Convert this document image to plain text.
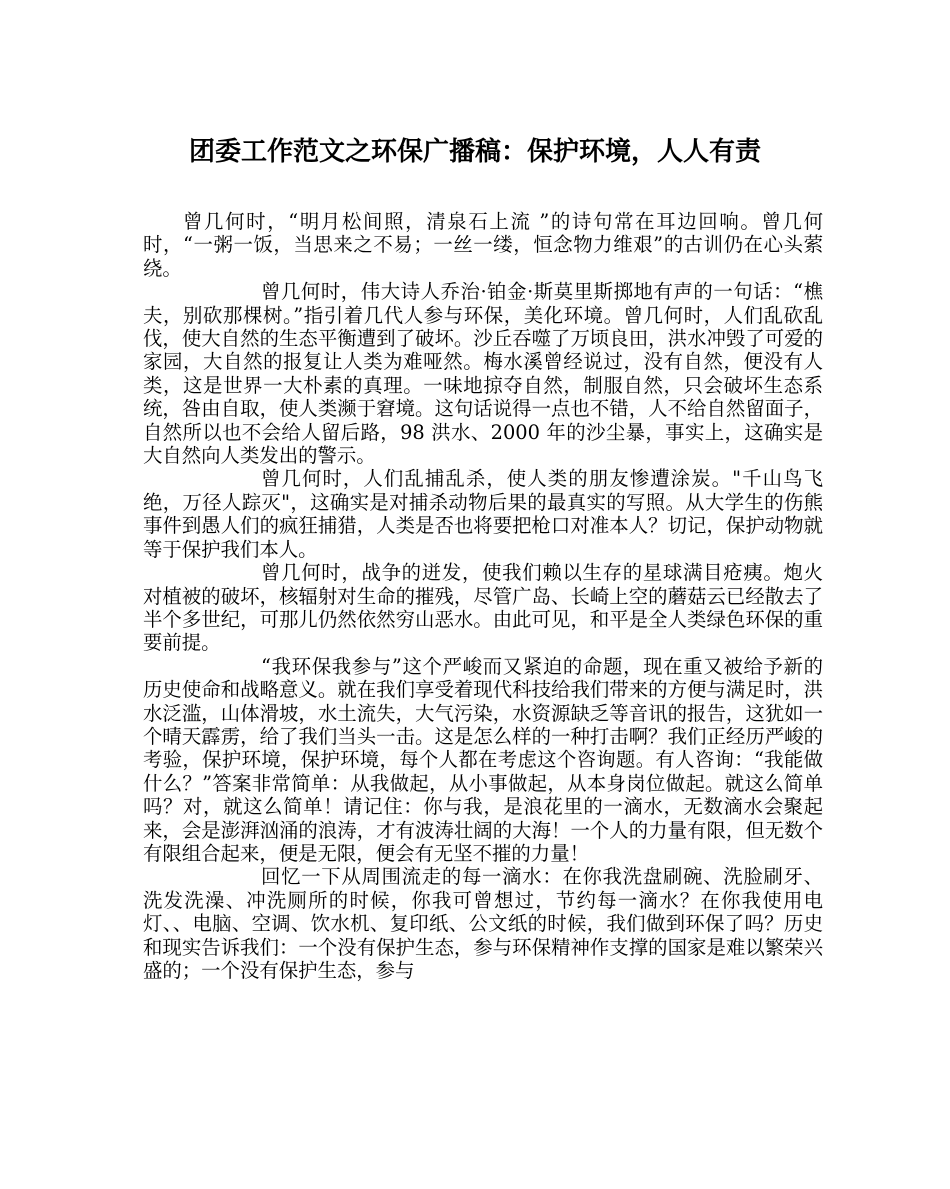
团委工作范文之环保广播稿：保护环境，人人有责

曾几何时，“明月松间照，清泉石上流 ”的诗句常在耳边回响。曾几何时，“一粥一饭，当思来之不易；一丝一缕，恒念物力维艰”的古训仍在心头萦绕。

曾几何时，伟大诗人乔治·铂金·斯莫里斯掷地有声的一句话：“樵夫，别砍那棵树。”指引着几代人参与环保，美化环境。曾几何时，人们乱砍乱伐，使大自然的生态平衡遭到了破坏。沙丘吞噬了万顷良田，洪水冲毁了可爱的家园，大自然的报复让人类为难哑然。梅水溪曾经说过，没有自然，便没有人类，这是世界一大朴素的真理。一味地掠夺自然，制服自然，只会破坏生态系统，咎由自取，使人类濒于窘境。这句话说得一点也不错，人不给自然留面子，自然所以也不会给人留后路，98 洪水、2000 年的沙尘暴，事实上，这确实是大自然向人类发出的警示。

曾几何时，人们乱捕乱杀，使人类的朋友惨遭涂炭。"千山鸟飞绝，万径人踪灭"，这确实是对捕杀动物后果的最真实的写照。从大学生的伤熊事件到愚人们的疯狂捕猎，人类是否也将要把枪口对准本人？切记，保护动物就等于保护我们本人。

曾几何时，战争的迸发，使我们赖以生存的星球满目疮痍。炮火对植被的破坏，核辐射对生命的摧残，尽管广岛、长崎上空的蘑菇云已经散去了半个多世纪，可那儿仍然依然穷山恶水。由此可见，和平是全人类绿色环保的重要前提。

“我环保我参与”这个严峻而又紧迫的命题，现在重又被给予新的历史使命和战略意义。就在我们享受着现代科技给我们带来的方便与满足时，洪水泛滥，山体滑坡，水土流失，大气污染，水资源缺乏等音讯的报告，这犹如一个晴天霹雳，给了我们当头一击。这是怎么样的一种打击啊？我们正经历严峻的考验，保护环境，保护环境，每个人都在考虑这个咨询题。有人咨询：“我能做什么？”答案非常简单：从我做起，从小事做起，从本身岗位做起。就这么简单吗？对，就这么简单！请记住：你与我，是浪花里的一滴水，无数滴水会聚起来，会是澎湃汹涌的浪涛，才有波涛壮阔的大海！一个人的力量有限，但无数个有限组合起来，便是无限，便会有无坚不摧的力量！

回忆一下从周围流走的每一滴水：在你我洗盘刷碗、洗脸刷牙、洗发洗澡、冲洗厕所的时候，你我可曾想过，节约每一滴水？在你我使用电灯、、电脑、空调、饮水机、复印纸、公文纸的时候，我们做到环保了吗？历史和现实告诉我们：一个没有保护生态，参与环保精神作支撑的国家是难以繁荣兴盛的；一个没有保护生态，参与
